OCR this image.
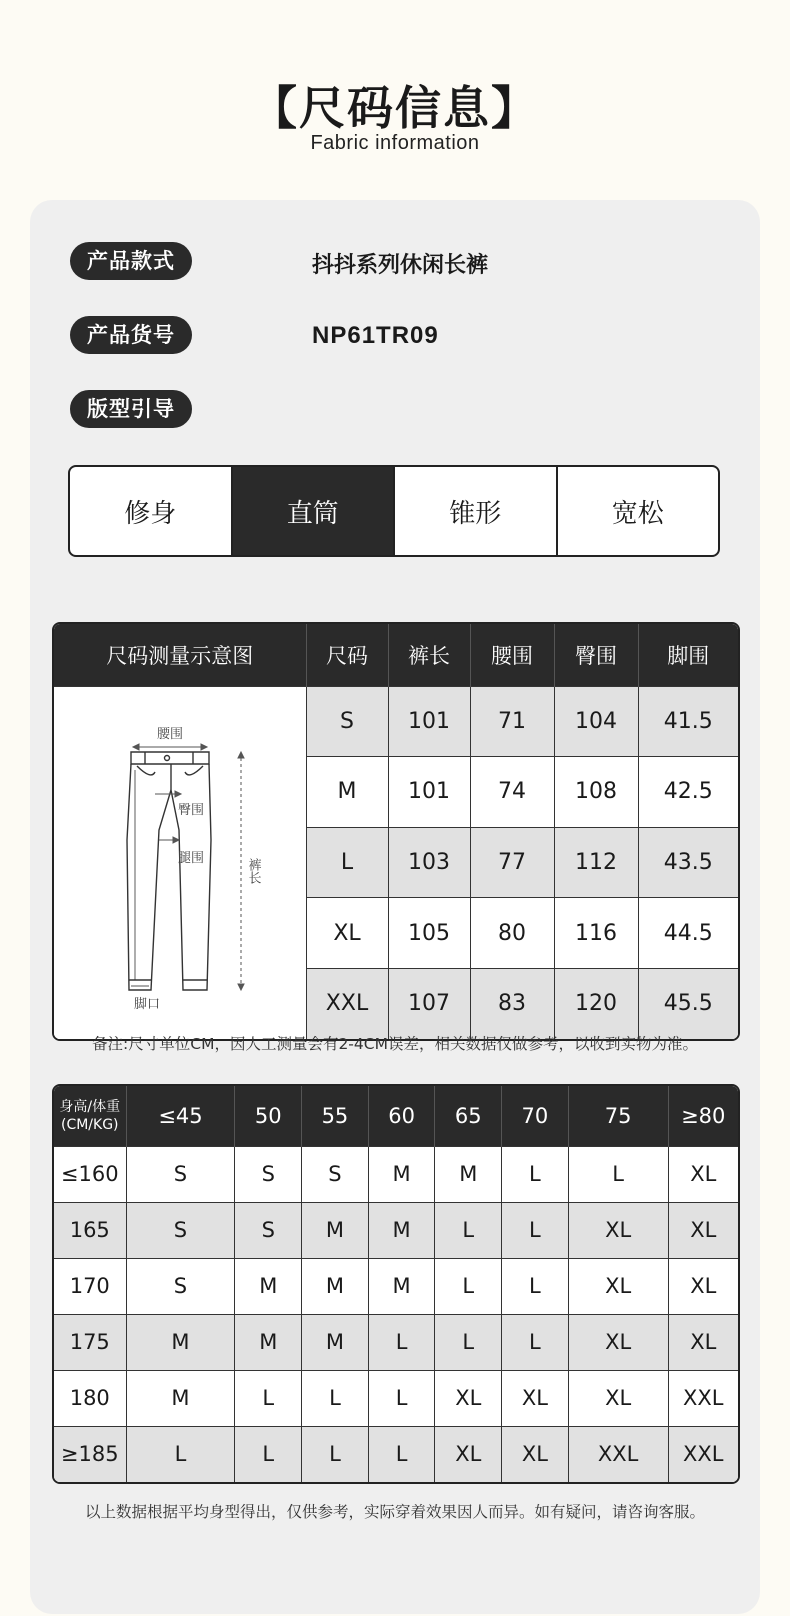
【尺码信息】
Fabric information
产品款式	抖抖系列休闲长裤
产品货号	NP61TR09
版型引导
修身	直筒	锥形	宽松
尺码测量示意图	尺码	裤长	腰围	臀围	脚围

腰围
臀围
腿围 裤长
脚口	S	101	71	104	41.5
	M	101	74	108	42.5
	L	103	77	112	43.5
	XL	105	80	116	44.5
	XXL	107	83	120	45.5
备注:尺寸单位CM，因人工测量会有2-4CM误差，相关数据仅做参考，以收到实物为准。
身高/体重
(CM/KG)	≤45	50	55	60	65	70	75	≥80
≤160	S	S	S	M	M	L	L	XL
165	S	S	M	M	L	L	XL	XL
170	S	M	M	M	L	L	XL	XL
175	M	M	M	L	L	L	XL	XL
180	M	L	L	L	XL	XL	XL	XXL
≥185	L	L	L	L	XL	XL	XXL	XXL
以上数据根据平均身型得出，仅供参考，实际穿着效果因人而异。如有疑问，请咨询客服。
